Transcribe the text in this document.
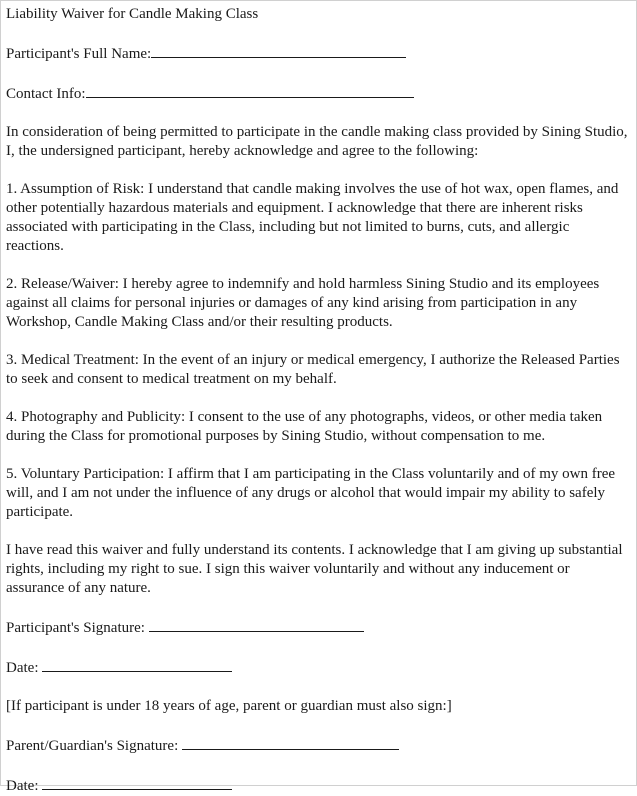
Liability Waiver for Candle Making Class

Participant's Full Name:

Contact Info:

In consideration of being permitted to participate in the candle making class provided by Sining Studio, I, the undersigned participant, hereby acknowledge and agree to the following:

1. Assumption of Risk: I understand that candle making involves the use of hot wax, open flames, and other potentially hazardous materials and equipment. I acknowledge that there are inherent risks associated with participating in the Class, including but not limited to burns, cuts, and allergic reactions.

2. Release/Waiver: I hereby agree to indemnify and hold harmless Sining Studio and its employees against all claims for personal injuries or damages of any kind arising from participation in any Workshop, Candle Making Class and/or their resulting products.

3. Medical Treatment: In the event of an injury or medical emergency, I authorize the Released Parties to seek and consent to medical treatment on my behalf.

4. Photography and Publicity: I consent to the use of any photographs, videos, or other media taken during the Class for promotional purposes by Sining Studio, without compensation to me.

5. Voluntary Participation: I affirm that I am participating in the Class voluntarily and of my own free will, and I am not under the influence of any drugs or alcohol that would impair my ability to safely participate.

I have read this waiver and fully understand its contents. I acknowledge that I am giving up substantial rights, including my right to sue. I sign this waiver voluntarily and without any inducement or assurance of any nature.

Participant's Signature:

Date:

[If participant is under 18 years of age, parent or guardian must also sign:]

Parent/Guardian's Signature:

Date:
